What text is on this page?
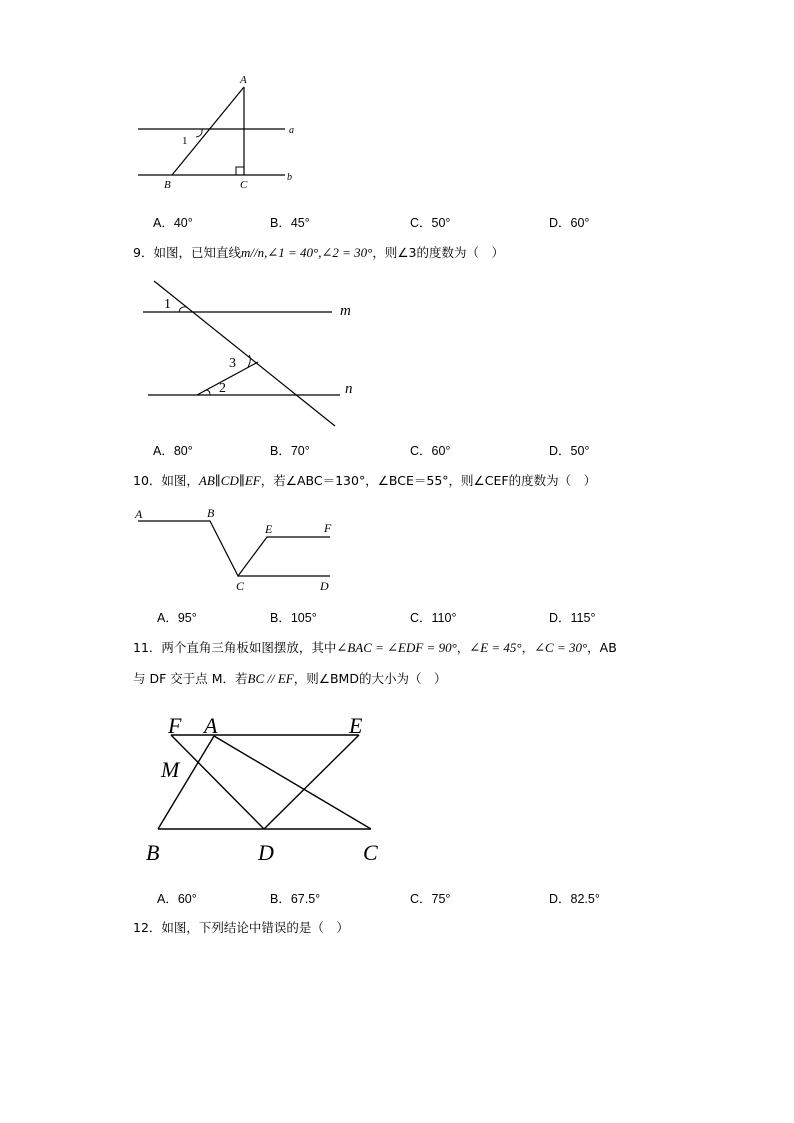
A
B	C
a
b
1
A．40°	B．45°	C．50°	D．60°
9．如图，已知直线m//n,∠1 = 40°,∠2 = 30°，则∠3的度数为（　）
1
3
2
m
n
A．80°	B．70°	C．60°	D．50°
10．如图，AB∥CD∥EF，若∠ABC＝130°，∠BCE＝55°，则∠CEF的度数为（　）
A	B
E	F
C	D
A．95°	B．105°	C．110°	D．115°
11．两个直角三角板如图摆放，其中∠BAC = ∠EDF = 90°，∠E = 45°，∠C = 30°，AB
与 DF 交于点 M．若BC // EF，则∠BMD的大小为（　）
F A	E
M
B	D	C
A．60°	B．67.5°	C．75°	D．82.5°
12．如图，下列结论中错误的是（　）
